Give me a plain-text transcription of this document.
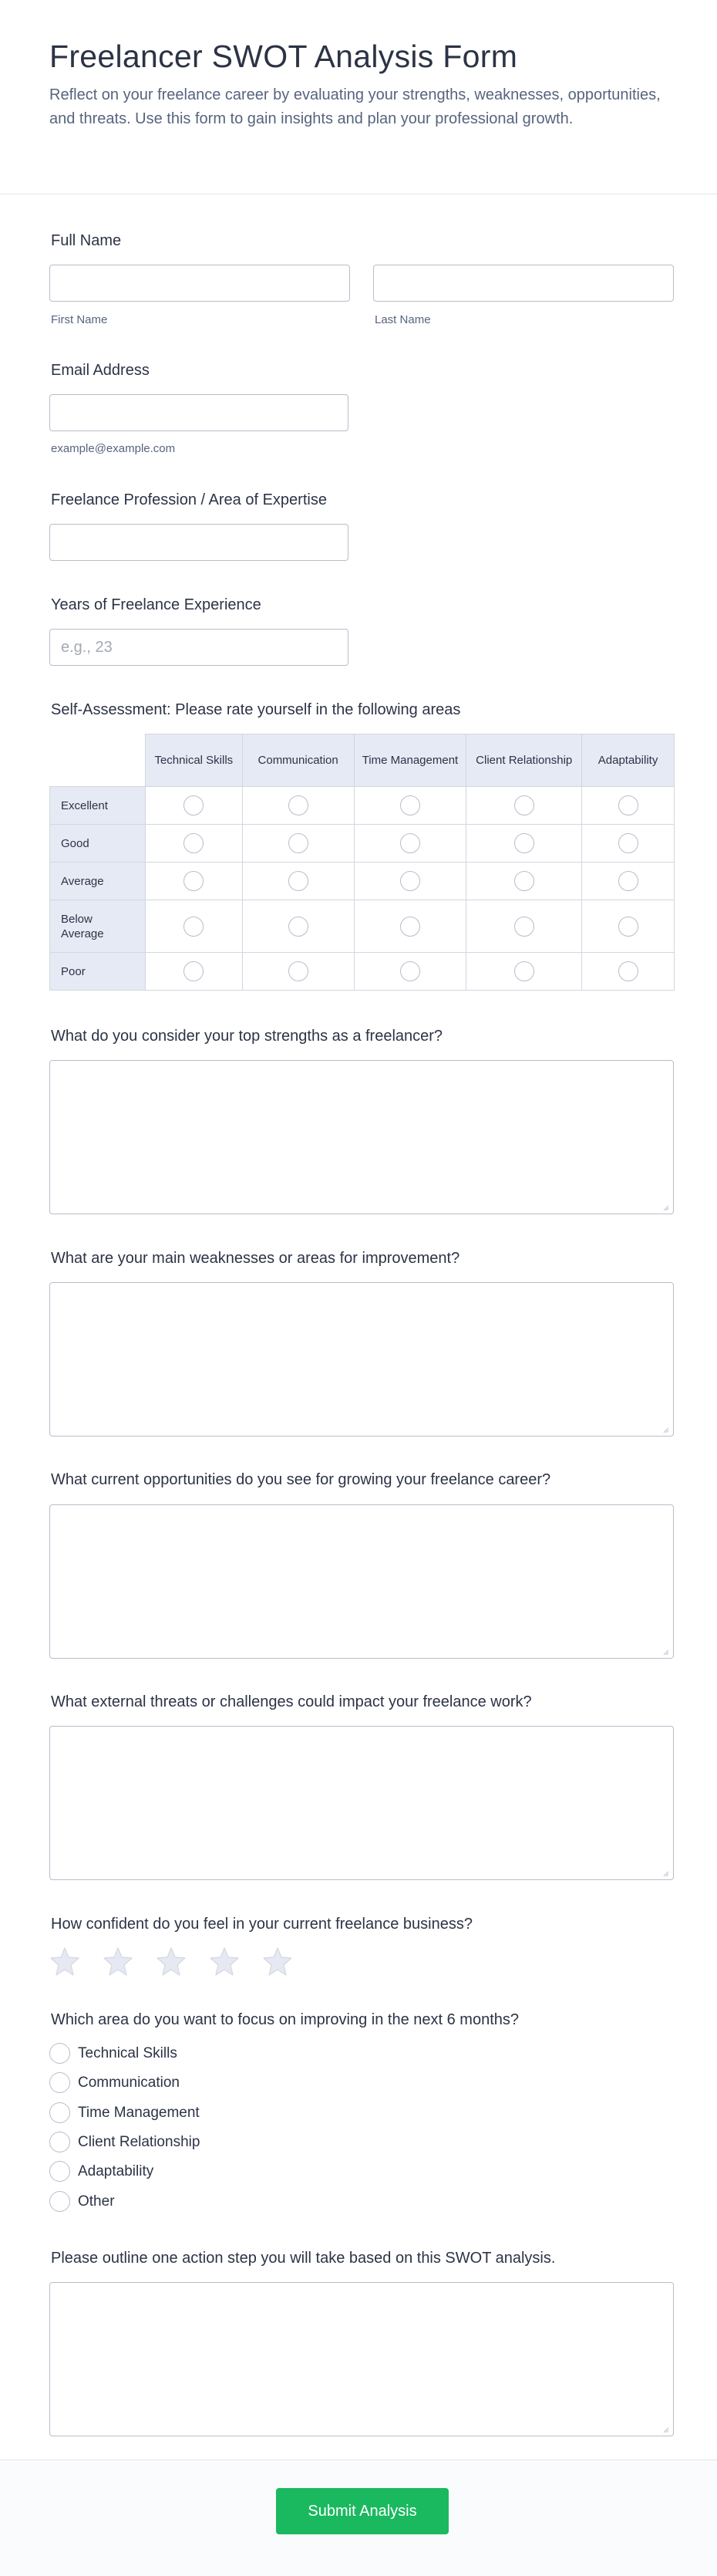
Freelancer SWOT Analysis Form

Reflect on your freelance career by evaluating your strengths, weaknesses, opportunities, and threats. Use this form to gain insights and plan your professional growth.

Full Name
First Name	Last Name
Email Address
example@example.com
Freelance Profession / Area of Expertise
Years of Freelance Experience
e.g., 23
Self-Assessment: Please rate yourself in the following areas
	Technical Skills	Communication	Time Management	Client Relationship	Adaptability
Excellent					
Good					
Average					
Below Average					
Poor					
What do you consider your top strengths as a freelancer?
What are your main weaknesses or areas for improvement?
What current opportunities do you see for growing your freelance career?
What external threats or challenges could impact your freelance work?
How confident do you feel in your current freelance business?
Which area do you want to focus on improving in the next 6 months?
Technical Skills
Communication
Time Management
Client Relationship
Adaptability
Other
Please outline one action step you will take based on this SWOT analysis.
Submit Analysis
